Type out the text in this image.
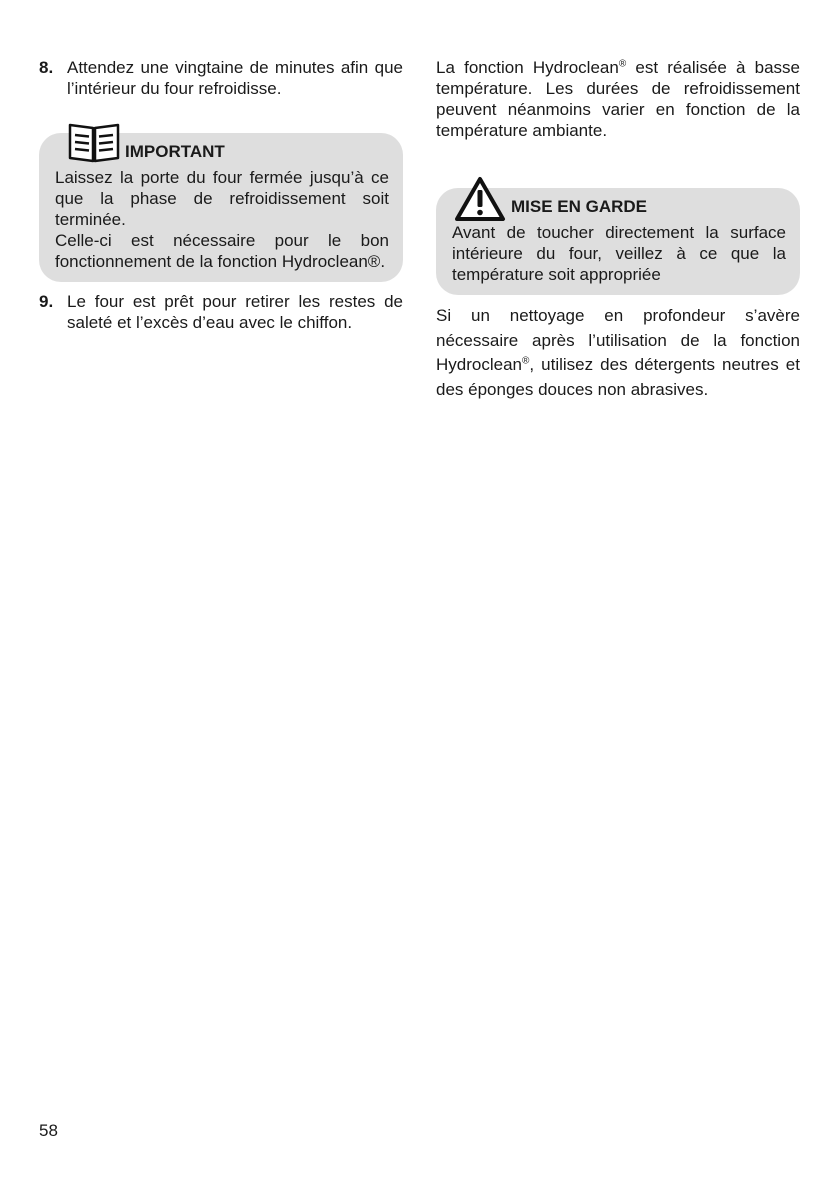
8. Attendez une vingtaine de minutes afin que l’intérieur du four refroidisse.
IMPORTANT

Laissez la porte du four fermée jusqu’à ce que la phase de refroidissement soit terminée.

Celle-ci est nécessaire pour le bon fonctionnement de la fonction Hydroclean®.

9. Le four est prêt pour retirer les restes de saleté et l’excès d’eau avec le chiffon.

La fonction Hydroclean® est réalisée à basse température. Les durées de refroidissement peuvent néanmoins varier en fonction de la température ambiante.

MISE EN GARDE
Avant de toucher directement la surface intérieure du four, veillez à ce que la température soit appropriée

Si un nettoyage en profondeur s’avère nécessaire après l’utilisation de la fonction Hydroclean®, utilisez des détergents neutres et des éponges douces non abrasives.

58
